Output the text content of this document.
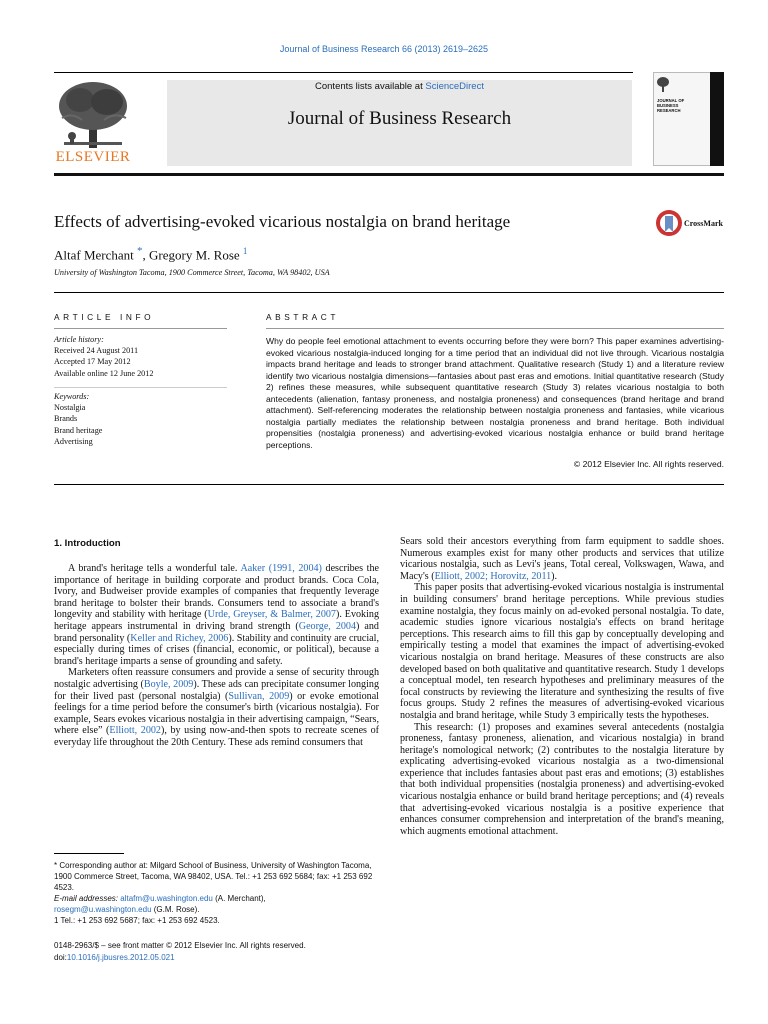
Journal of Business Research 66 (2013) 2619–2625
ELSEVIER
Contents lists available at ScienceDirect
Journal of Business Research
JOURNAL OF BUSINESS RESEARCH
Effects of advertising-evoked vicarious nostalgia on brand heritage	CrossMark
Altaf Merchant *, Gregory M. Rose $^1$
University of Washington Tacoma, 1900 Commerce Street, Tacoma, WA 98402, USA
ARTICLE INFO
Article history:
Received 24 August 2011
Accepted 17 May 2012
Available online 12 June 2012
Keywords:
Nostalgia
Brands
Brand heritage
Advertising
ABSTRACT
Why do people feel emotional attachment to events occurring before they were born? This paper examines advertising-evoked vicarious nostalgia-induced longing for a time period that an individual did not live through. Vicarious nostalgia impacts brand heritage and leads to stronger brand attachment. Qualitative research (Study 1) and a literature review identify two vicarious nostalgia dimensions—fantasies about past eras and emotions. Initial quantitative research (Study 2) refines these measures, while subsequent quantitative research (Study 3) relates vicarious nostalgia to both antecedents (alienation, fantasy proneness, and nostalgia proneness) and consequences (brand heritage and brand attachment). Self-referencing moderates the relationship between nostalgia proneness and fantasies, while vicarious nostalgia partially mediates the relationship between nostalgia proneness and brand heritage. Both individual propensities (nostalgia proneness) and advertising-evoked vicarious nostalgia enhance or build brand heritage perceptions.
© 2012 Elsevier Inc. All rights reserved.
1. Introduction

A brand's heritage tells a wonderful tale. Aaker (1991, 2004) describes the importance of heritage in building corporate and product brands. Coca Cola, Ivory, and Budweiser provide examples of companies that frequently leverage brand heritage to bolster their brands. Consumers tend to associate a brand's longevity and stability with heritage (Urde, Greyser, & Balmer, 2007). Evoking heritage appears instrumental in driving brand strength (George, 2004) and brand personality (Keller and Richey, 2006). Stability and continuity are crucial, especially during times of crises (financial, economic, or political), because a brand's heritage imparts a sense of grounding and safety.

Marketers often reassure consumers and provide a sense of security through nostalgic advertising (Boyle, 2009). These ads can precipitate consumer longing for their lived past (personal nostalgia) (Sullivan, 2009) or evoke emotional feelings for a time period before the consumer's birth (vicarious nostalgia). For example, Sears evokes vicarious nostalgia in their advertising campaign, “Sears, where else” (Elliott, 2002), by using now-and-then spots to recreate scenes of everyday life throughout the 20th Century. These ads remind consumers that

Sears sold their ancestors everything from farm equipment to saddle shoes. Numerous examples exist for many other products and services that utilize vicarious nostalgia, such as Levi's jeans, Total cereal, Volkswagen, Wawa, and Macy's (Elliott, 2002; Horovitz, 2011).

This paper posits that advertising-evoked vicarious nostalgia is instrumental in building consumers' brand heritage perceptions. While previous studies examine nostalgia, they focus mainly on ad-evoked personal nostalgia. To date, academic studies ignore vicarious nostalgia's effects on brand heritage perceptions. This research aims to fill this gap by conceptually developing and empirically testing a model that examines the impact of advertising-evoked vicarious nostalgia on brand heritage. Measures of these constructs are also developed based on both qualitative and quantitative research. Study 1 develops a conceptual model, ten research hypotheses and preliminary measures of the focal constructs by reviewing the literature and synthesizing the results of five focus groups. Study 2 refines the measures of advertising-evoked vicarious nostalgia and brand heritage, while Study 3 empirically tests the hypotheses.

This research: (1) proposes and examines several antecedents (nostalgia proneness, fantasy proneness, alienation, and vicarious nostalgia) in brand heritage's nomological network; (2) contributes to the nostalgia literature by explicating advertising-evoked vicarious nostalgia as a two-dimensional experience that includes fantasies about past eras and emotions; (3) establishes that both individual propensities (nostalgia proneness) and advertising-evoked vicarious nostalgia enhance or build brand heritage perceptions; and (4) reveals that advertising-evoked vicarious nostalgia is a positive experience that enhances consumer comprehension and interpretation of the brand's meaning, which augments emotional attachment.

* Corresponding author at: Milgard School of Business, University of Washington Tacoma, 1900 Commerce Street, Tacoma, WA 98402, USA. Tel.: +1 253 692 5684; fax: +1 253 692 4523.
E-mail addresses: altafm@u.washington.edu (A. Merchant),
rosegm@u.washington.edu (G.M. Rose).
1 Tel.: +1 253 692 5687; fax: +1 253 692 4523.
0148-2963/$ – see front matter © 2012 Elsevier Inc. All rights reserved.
doi:10.1016/j.jbusres.2012.05.021
